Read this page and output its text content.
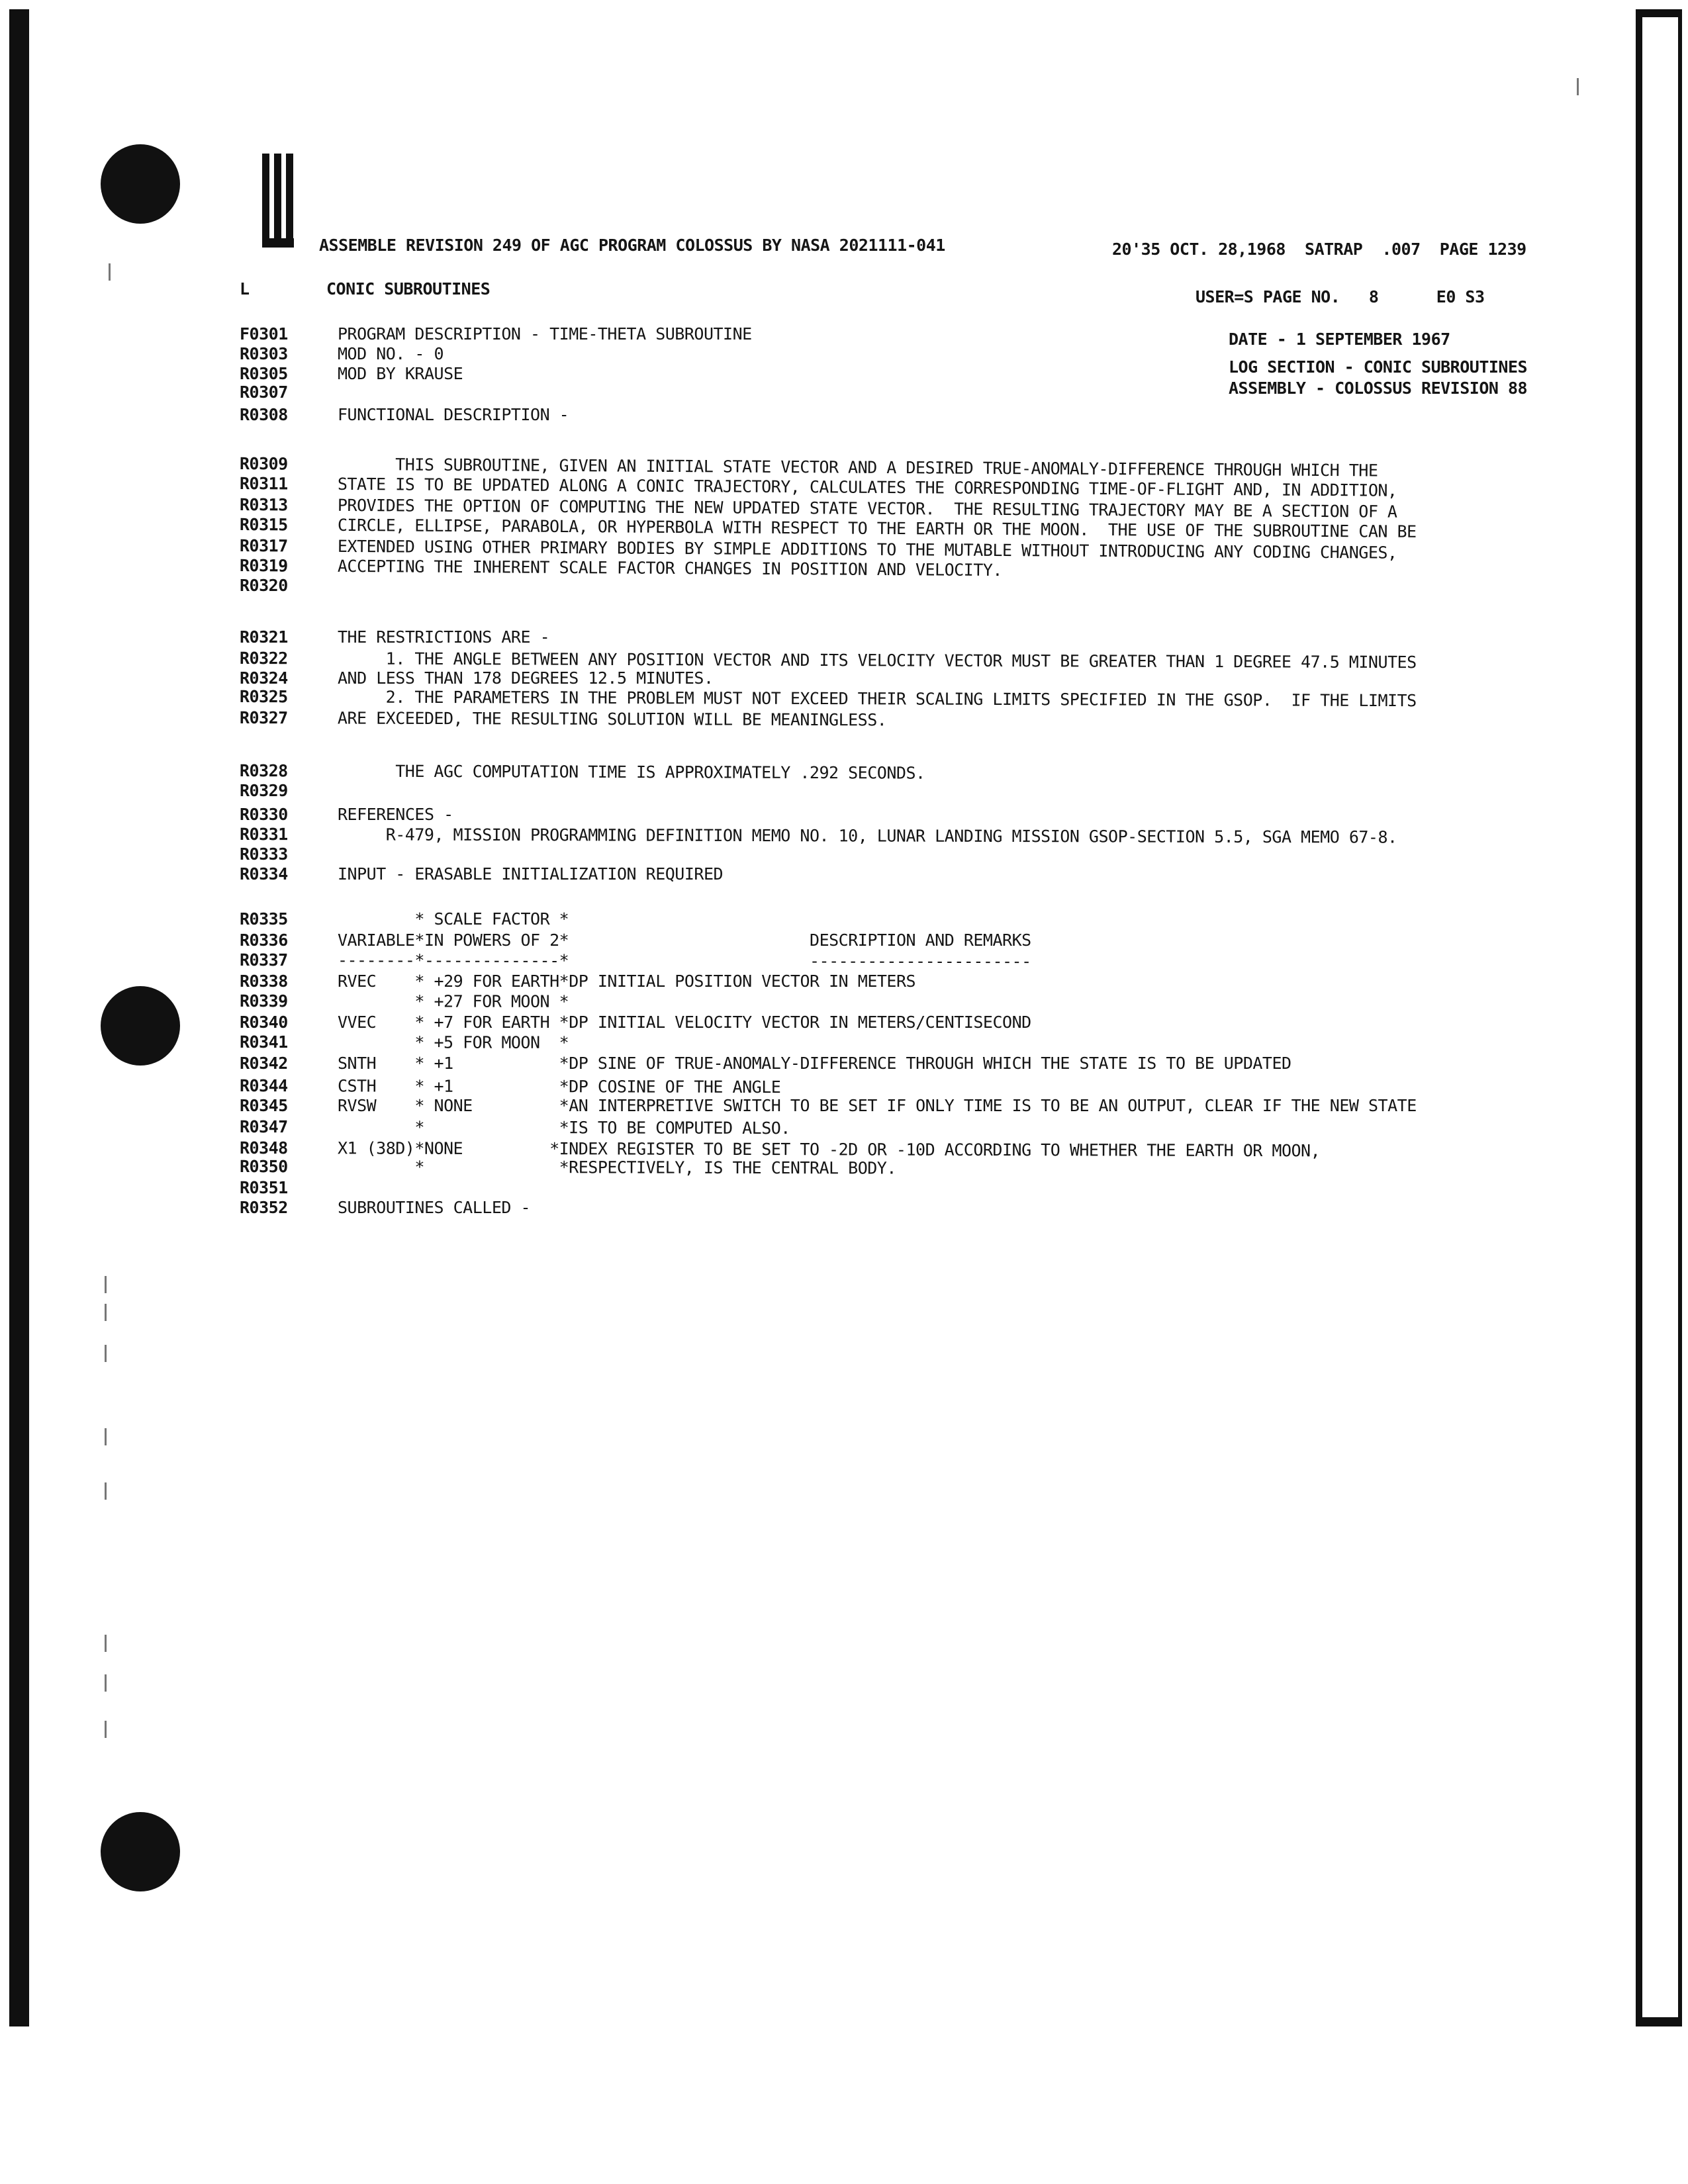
ASSEMBLE REVISION 249 OF AGC PROGRAM COLOSSUS BY NASA 2021111-041	20'35 OCT. 28,1968  SATRAP  .007  PAGE 1239
L        CONIC SUBROUTINES	USER=S PAGE NO.   8      E0 S3
DATE - 1 SEPTEMBER 1967
LOG SECTION - CONIC SUBROUTINES
ASSEMBLY - COLOSSUS REVISION 88
F0301	PROGRAM DESCRIPTION - TIME-THETA SUBROUTINE
R0303	MOD NO. - 0
R0305	MOD BY KRAUSE
R0307
R0308	FUNCTIONAL DESCRIPTION -
R0309	THIS SUBROUTINE, GIVEN AN INITIAL STATE VECTOR AND A DESIRED TRUE-ANOMALY-DIFFERENCE THROUGH WHICH THE
R0311	STATE IS TO BE UPDATED ALONG A CONIC TRAJECTORY, CALCULATES THE CORRESPONDING TIME-OF-FLIGHT AND, IN ADDITION,
R0313	PROVIDES THE OPTION OF COMPUTING THE NEW UPDATED STATE VECTOR.  THE RESULTING TRAJECTORY MAY BE A SECTION OF A
R0315	CIRCLE, ELLIPSE, PARABOLA, OR HYPERBOLA WITH RESPECT TO THE EARTH OR THE MOON.  THE USE OF THE SUBROUTINE CAN BE
R0317	EXTENDED USING OTHER PRIMARY BODIES BY SIMPLE ADDITIONS TO THE MUTABLE WITHOUT INTRODUCING ANY CODING CHANGES,
R0319	ACCEPTING THE INHERENT SCALE FACTOR CHANGES IN POSITION AND VELOCITY.
R0320
R0321	THE RESTRICTIONS ARE -
R0322	1. THE ANGLE BETWEEN ANY POSITION VECTOR AND ITS VELOCITY VECTOR MUST BE GREATER THAN 1 DEGREE 47.5 MINUTES
R0324	AND LESS THAN 178 DEGREES 12.5 MINUTES.
R0325	2. THE PARAMETERS IN THE PROBLEM MUST NOT EXCEED THEIR SCALING LIMITS SPECIFIED IN THE GSOP.  IF THE LIMITS
R0327	ARE EXCEEDED, THE RESULTING SOLUTION WILL BE MEANINGLESS.
R0328	THE AGC COMPUTATION TIME IS APPROXIMATELY .292 SECONDS.
R0329
R0330	REFERENCES -
R0331	R-479, MISSION PROGRAMMING DEFINITION MEMO NO. 10, LUNAR LANDING MISSION GSOP-SECTION 5.5, SGA MEMO 67-8.
R0333
R0334	INPUT - ERASABLE INITIALIZATION REQUIRED
R0335	* SCALE FACTOR *
R0336	VARIABLE*IN POWERS OF 2*                         DESCRIPTION AND REMARKS
R0337	--------*--------------*                         -----------------------
R0338	RVEC    * +29 FOR EARTH*DP INITIAL POSITION VECTOR IN METERS
R0339	* +27 FOR MOON *
R0340	VVEC    * +7 FOR EARTH *DP INITIAL VELOCITY VECTOR IN METERS/CENTISECOND
R0341	* +5 FOR MOON  *
R0342	SNTH    * +1           *DP SINE OF TRUE-ANOMALY-DIFFERENCE THROUGH WHICH THE STATE IS TO BE UPDATED
R0344	CSTH    * +1           *DP COSINE OF THE ANGLE
R0345	RVSW    * NONE         *AN INTERPRETIVE SWITCH TO BE SET IF ONLY TIME IS TO BE AN OUTPUT, CLEAR IF THE NEW STATE
R0347	*              *IS TO BE COMPUTED ALSO.
R0348	X1 (38D)*NONE         *INDEX REGISTER TO BE SET TO -2D OR -10D ACCORDING TO WHETHER THE EARTH OR MOON,
R0350	*              *RESPECTIVELY, IS THE CENTRAL BODY.
R0351
R0352	SUBROUTINES CALLED -
